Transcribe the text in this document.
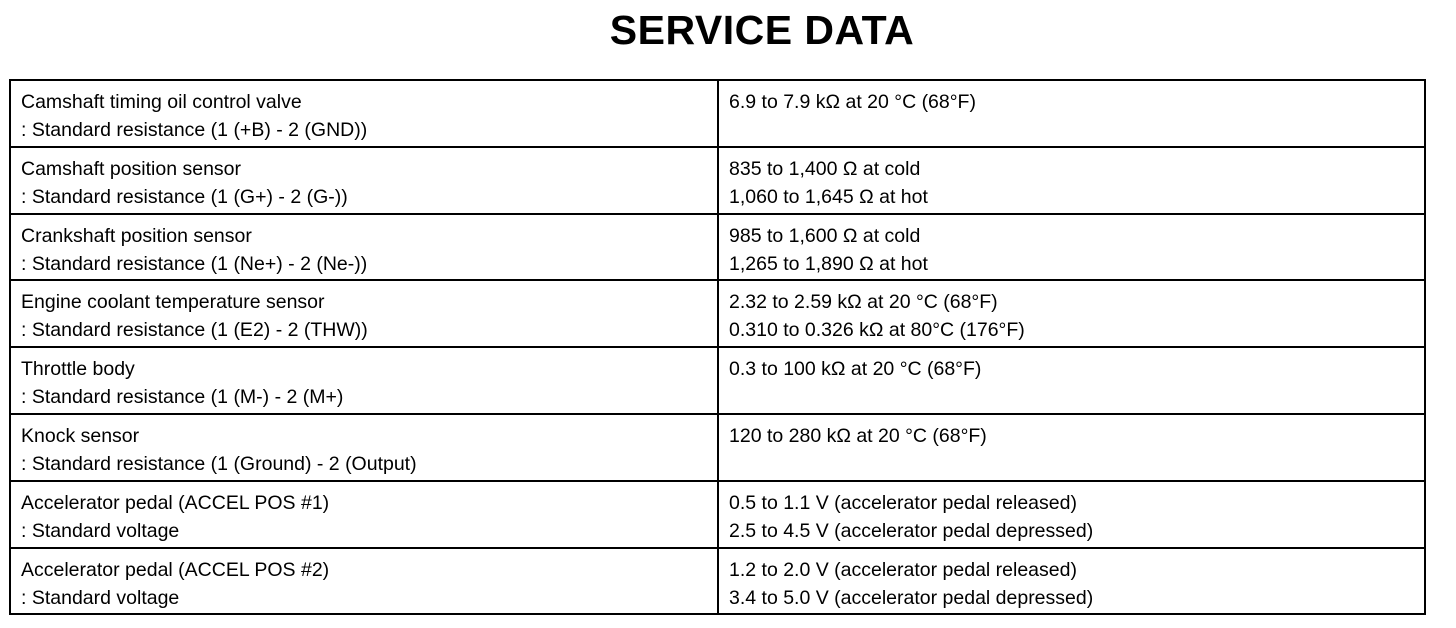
SERVICE DATA
Camshaft timing oil control valve
: Standard resistance (1 (+B) - 2 (GND))	6.9 to 7.9 kΩ at 20 °C (68°F)

Camshaft position sensor
: Standard resistance (1 (G+) - 2 (G-))	835 to 1,400 Ω at cold
1,060 to 1,645 Ω at hot

Crankshaft position sensor
: Standard resistance (1 (Ne+) - 2 (Ne-))	985 to 1,600 Ω at cold
1,265 to 1,890 Ω at hot

Engine coolant temperature sensor
: Standard resistance (1 (E2) - 2 (THW))	2.32 to 2.59 kΩ at 20 °C (68°F)
0.310 to 0.326 kΩ at 80°C (176°F)

Throttle body
: Standard resistance (1 (M-) - 2 (M+)	0.3 to 100 kΩ at 20 °C (68°F)

Knock sensor
: Standard resistance (1 (Ground) - 2 (Output)	120 to 280 kΩ at 20 °C (68°F)

Accelerator pedal (ACCEL POS #1)
: Standard voltage	0.5 to 1.1 V (accelerator pedal released)
2.5 to 4.5 V (accelerator pedal depressed)

Accelerator pedal (ACCEL POS #2)
: Standard voltage	1.2 to 2.0 V (accelerator pedal released)
3.4 to 5.0 V (accelerator pedal depressed)
